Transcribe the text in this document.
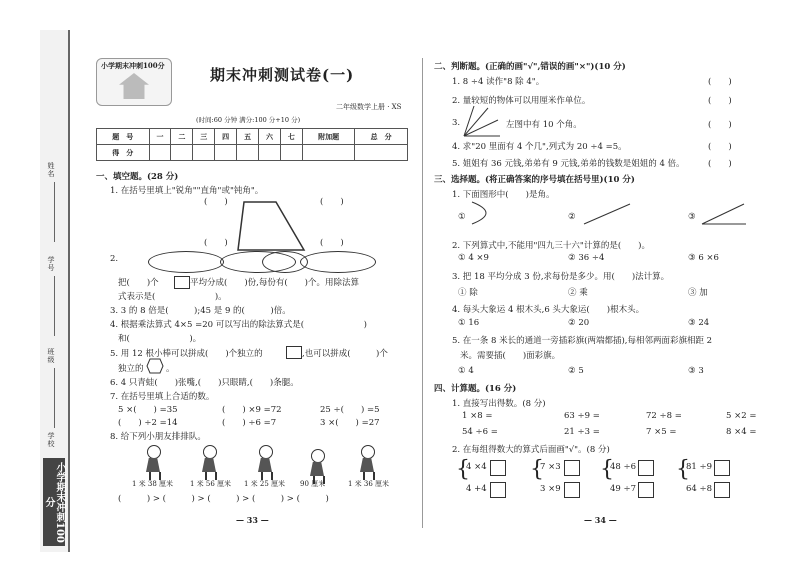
姓名
学号
班级
学校
小学期末冲刺100分
小学期末冲刺100分
期末冲刺测试卷(一)
二年级数学上册 · XS
(时间:60 分钟 满分:100 分+10 分)
题　号	一	二	三	四	五	六	七	附加题	总　分
得　分									
一、填空题。(28 分)
1. 在括号里填上"锐角""直角"或"钝角"。
(　　)	(　　)
(　　)	(　　)
2.
把(　　)个	平均分成(　　)份,每份有(　　)个。用除法算
式表示是(　　　　　　　)。
3. 3 的 8 倍是(　　　);45 是 9 的(　　　)倍。
4. 根据乘法算式 4×5 =20 可以写出的除法算式是(　　　　　　　)
和(　　　　　　　)。
5. 用 12 根小棒可以拼成(　　)个独立的	,也可以拼成(　　　)个
独立的	。
6. 4 只青蛙(　　)张嘴,(　　)只眼睛,(　　)条腿。
7. 在括号里填上合适的数。
5 ×(　　) =35	(　　) ×9 =72	25 ÷(　　) =5
(　　) ÷2 =14	(　　) ÷6 =7	3 ×(　　) =27
8. 给下列小朋友排排队。
1 米 38 厘米 1 米 56 厘米 1 米 25 厘米 90 厘米	1 米 36 厘米
(　　　) > (　　　) > (　　　) > (　　　) > (　　　)
— 33 —
二、判断题。(正确的画"√",错误的画"×")(10 分)
1. 8 ÷4 读作"8 除 4"。	(　　)
2. 量较短的物体可以用厘米作单位。	(　　)
3.	左图中有 10 个角。	(　　)
4. 求"20 里面有 4 个几",列式为 20 ÷4 =5。	(　　)
5. 姐姐有 36 元钱,弟弟有 9 元钱,弟弟的钱数是姐姐的 4 倍。	(　　)
三、选择题。(将正确答案的序号填在括号里)(10 分)
1. 下面图形中(　　)是角。
①	②	③
2. 下列算式中,不能用"四九三十六"计算的是(　　)。
① 4 ×9	② 36 ÷4	③ 6 ×6
3. 把 18 平均分成 3 份,求每份是多少。用(　　)法计算。
① 除	② 乘	③ 加
4. 每头大象运 4 根木头,6 头大象运(　　)根木头。
① 16	② 20	③ 24
5. 在一条 8 米长的通道一旁插彩旗(两端都插),每相邻两面彩旗相距 2
米。需要插(　　)面彩旗。
① 4	② 5	③ 3
四、计算题。(16 分)
1. 直接写出得数。(8 分)
1 ×8 =	63 ÷9 =	72 ÷8 =	5 ×2 =
54 ÷6 =	21 ÷3 =	7 ×5 =	8 ×4 =
2. 在每组得数大的算式后面画"√"。(8 分)
{
4 ×4
4 +4
{
7 ×3
3 ×9
{
48 ÷6
49 ÷7
{
81 ÷9
64 ÷8
— 34 —
